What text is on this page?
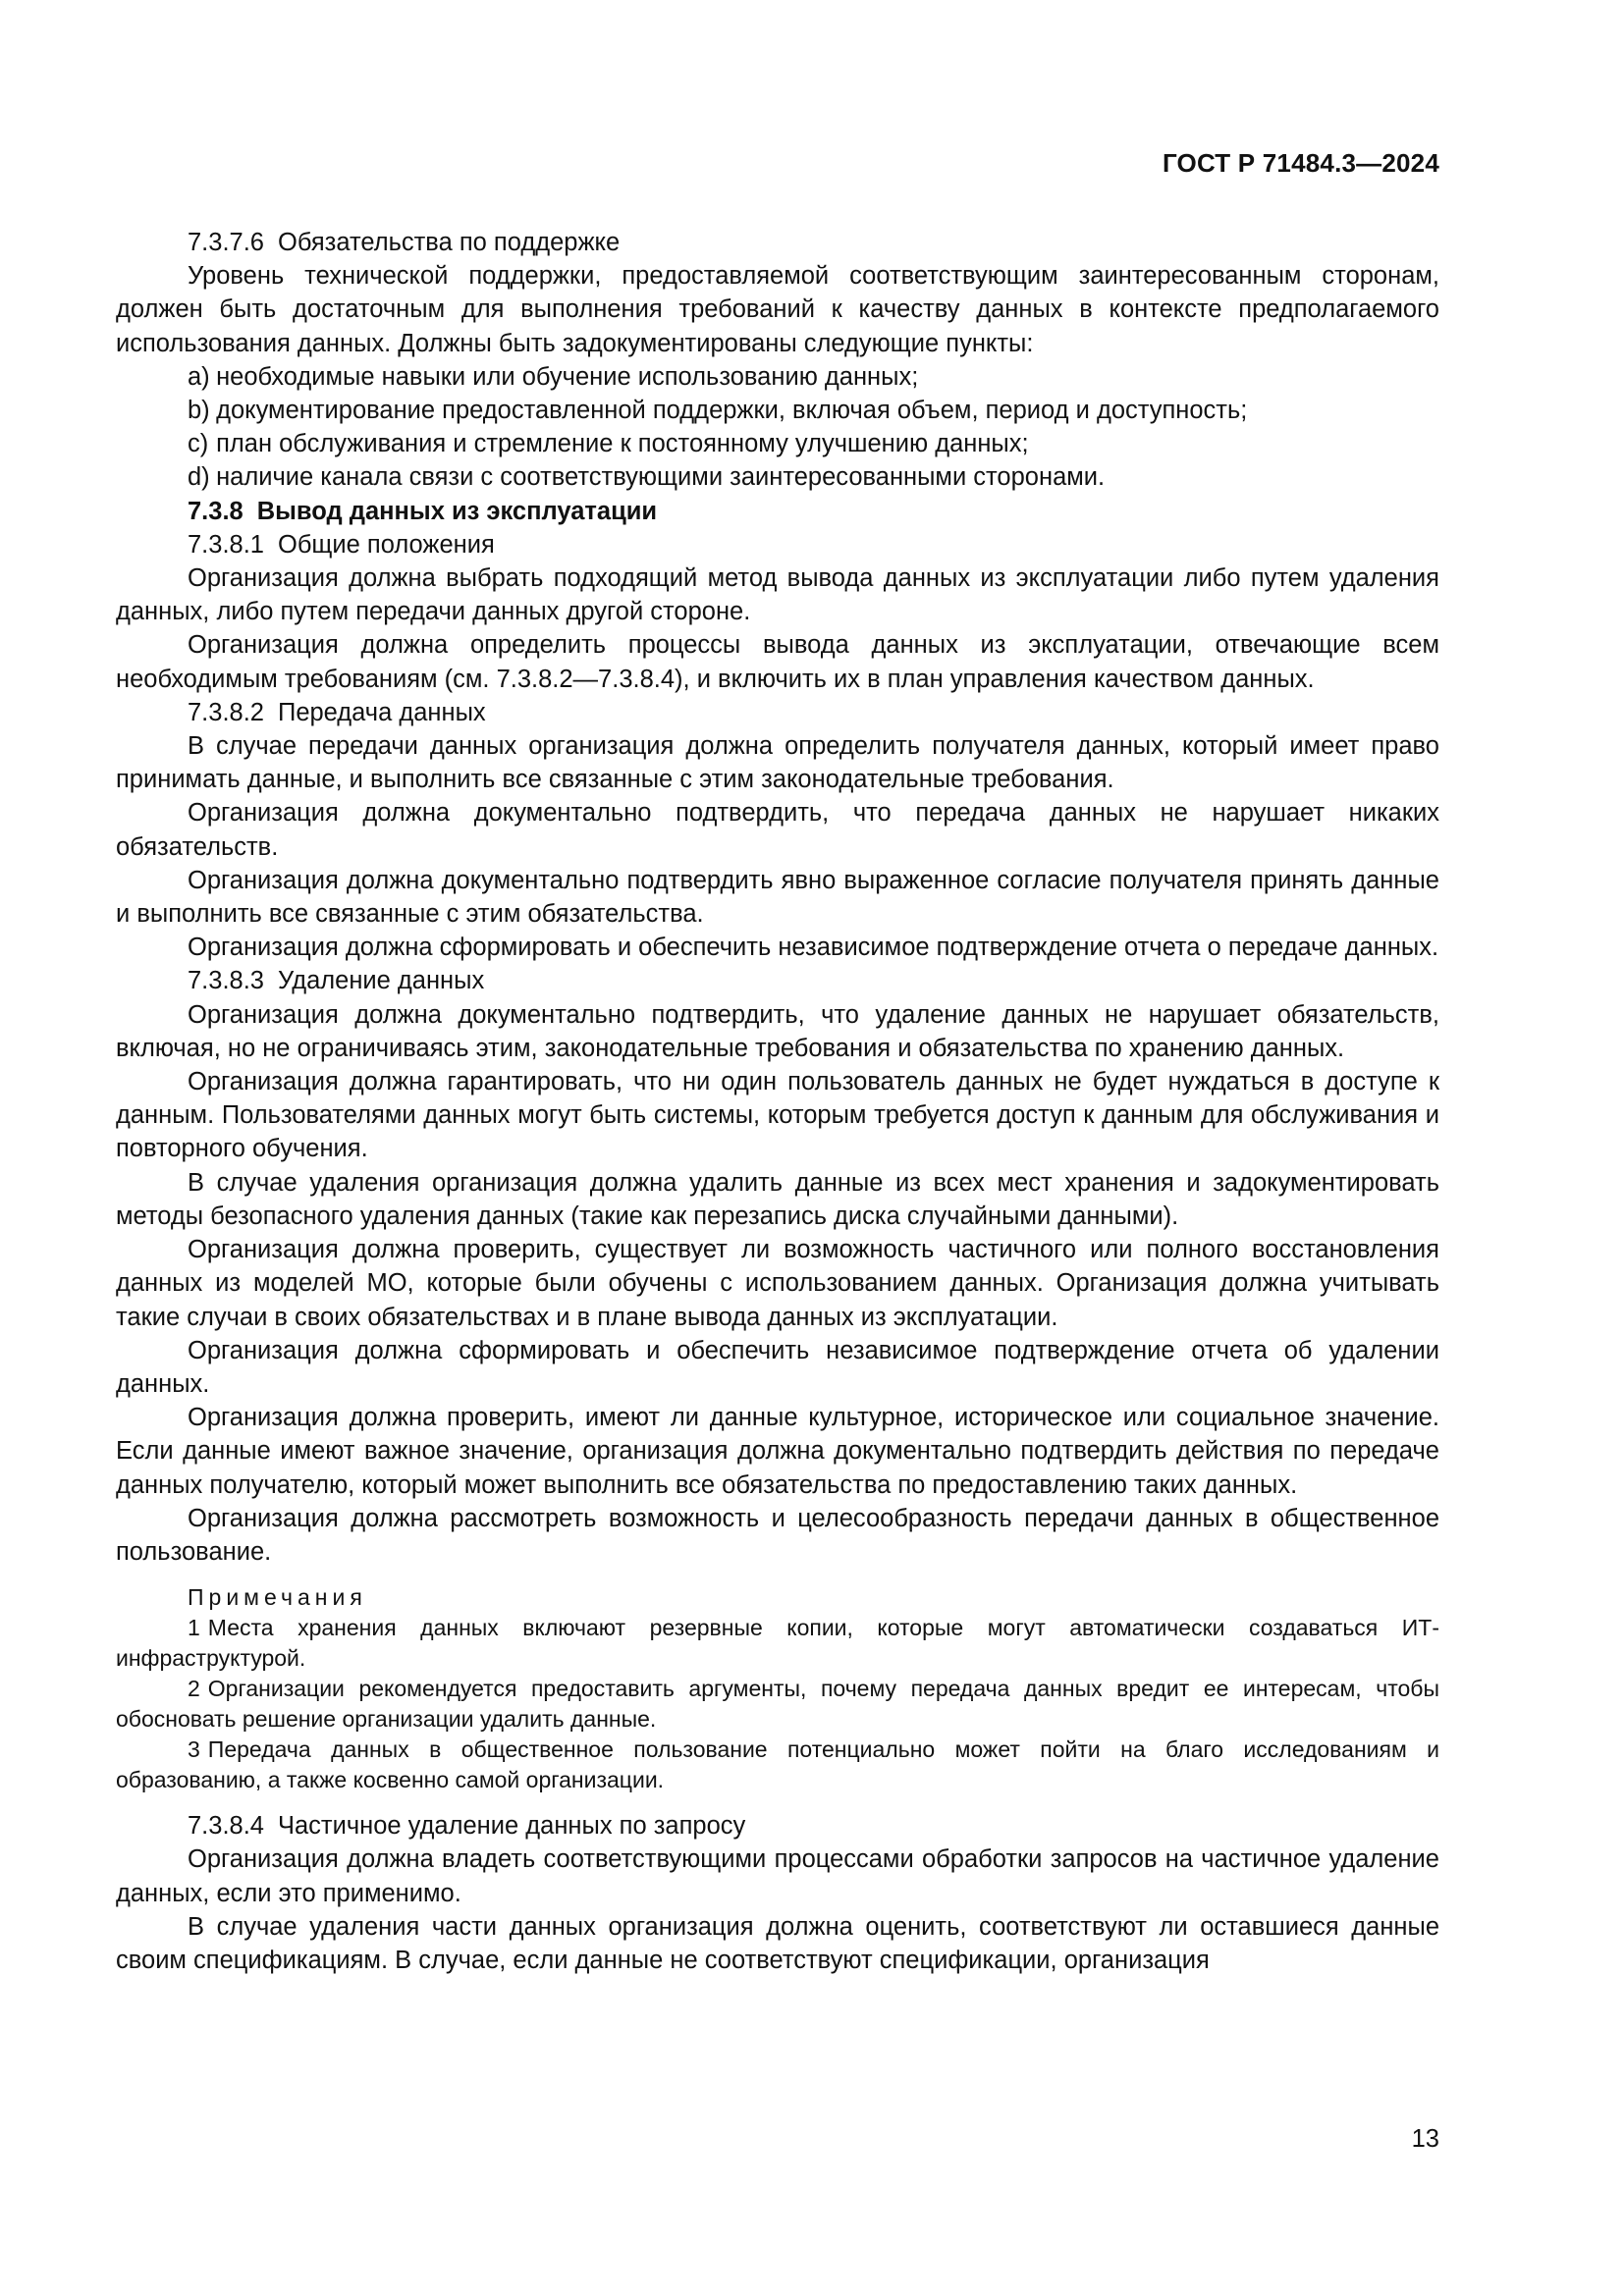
ГОСТ Р 71484.3—2024

7.3.7.6 Обязательства по поддержке

Уровень технической поддержки, предоставляемой соответствующим заинтересованным сторонам, должен быть достаточным для выполнения требований к качеству данных в контексте предполагаемого использования данных. Должны быть задокументированы следующие пункты:

a) необходимые навыки или обучение использованию данных;

b) документирование предоставленной поддержки, включая объем, период и доступность;

c) план обслуживания и стремление к постоянному улучшению данных;

d) наличие канала связи с соответствующими заинтересованными сторонами.

7.3.8 Вывод данных из эксплуатации

7.3.8.1 Общие положения

Организация должна выбрать подходящий метод вывода данных из эксплуатации либо путем удаления данных, либо путем передачи данных другой стороне.

Организация должна определить процессы вывода данных из эксплуатации, отвечающие всем необходимым требованиям (см. 7.3.8.2—7.3.8.4), и включить их в план управления качеством данных.

7.3.8.2 Передача данных

В случае передачи данных организация должна определить получателя данных, который имеет право принимать данные, и выполнить все связанные с этим законодательные требования.

Организация должна документально подтвердить, что передача данных не нарушает никаких обязательств.

Организация должна документально подтвердить явно выраженное согласие получателя принять данные и выполнить все связанные с этим обязательства.

Организация должна сформировать и обеспечить независимое подтверждение отчета о передаче данных.

7.3.8.3 Удаление данных

Организация должна документально подтвердить, что удаление данных не нарушает обязательств, включая, но не ограничиваясь этим, законодательные требования и обязательства по хранению данных.

Организация должна гарантировать, что ни один пользователь данных не будет нуждаться в доступе к данным. Пользователями данных могут быть системы, которым требуется доступ к данным для обслуживания и повторного обучения.

В случае удаления организация должна удалить данные из всех мест хранения и задокументировать методы безопасного удаления данных (такие как перезапись диска случайными данными).

Организация должна проверить, существует ли возможность частичного или полного восстановления данных из моделей МО, которые были обучены с использованием данных. Организация должна учитывать такие случаи в своих обязательствах и в плане вывода данных из эксплуатации.

Организация должна сформировать и обеспечить независимое подтверждение отчета об удалении данных.

Организация должна проверить, имеют ли данные культурное, историческое или социальное значение. Если данные имеют важное значение, организация должна документально подтвердить действия по передаче данных получателю, который может выполнить все обязательства по предоставлению таких данных.

Организация должна рассмотреть возможность и целесообразность передачи данных в общественное пользование.

Примечания

1 Места хранения данных включают резервные копии, которые могут автоматически создаваться ИТ-инфраструктурой.

2 Организации рекомендуется предоставить аргументы, почему передача данных вредит ее интересам, чтобы обосновать решение организации удалить данные.

3 Передача данных в общественное пользование потенциально может пойти на благо исследованиям и образованию, а также косвенно самой организации.

7.3.8.4 Частичное удаление данных по запросу

Организация должна владеть соответствующими процессами обработки запросов на частичное удаление данных, если это применимо.

В случае удаления части данных организация должна оценить, соответствуют ли оставшиеся данные своим спецификациям. В случае, если данные не соответствуют спецификации, организация

13
